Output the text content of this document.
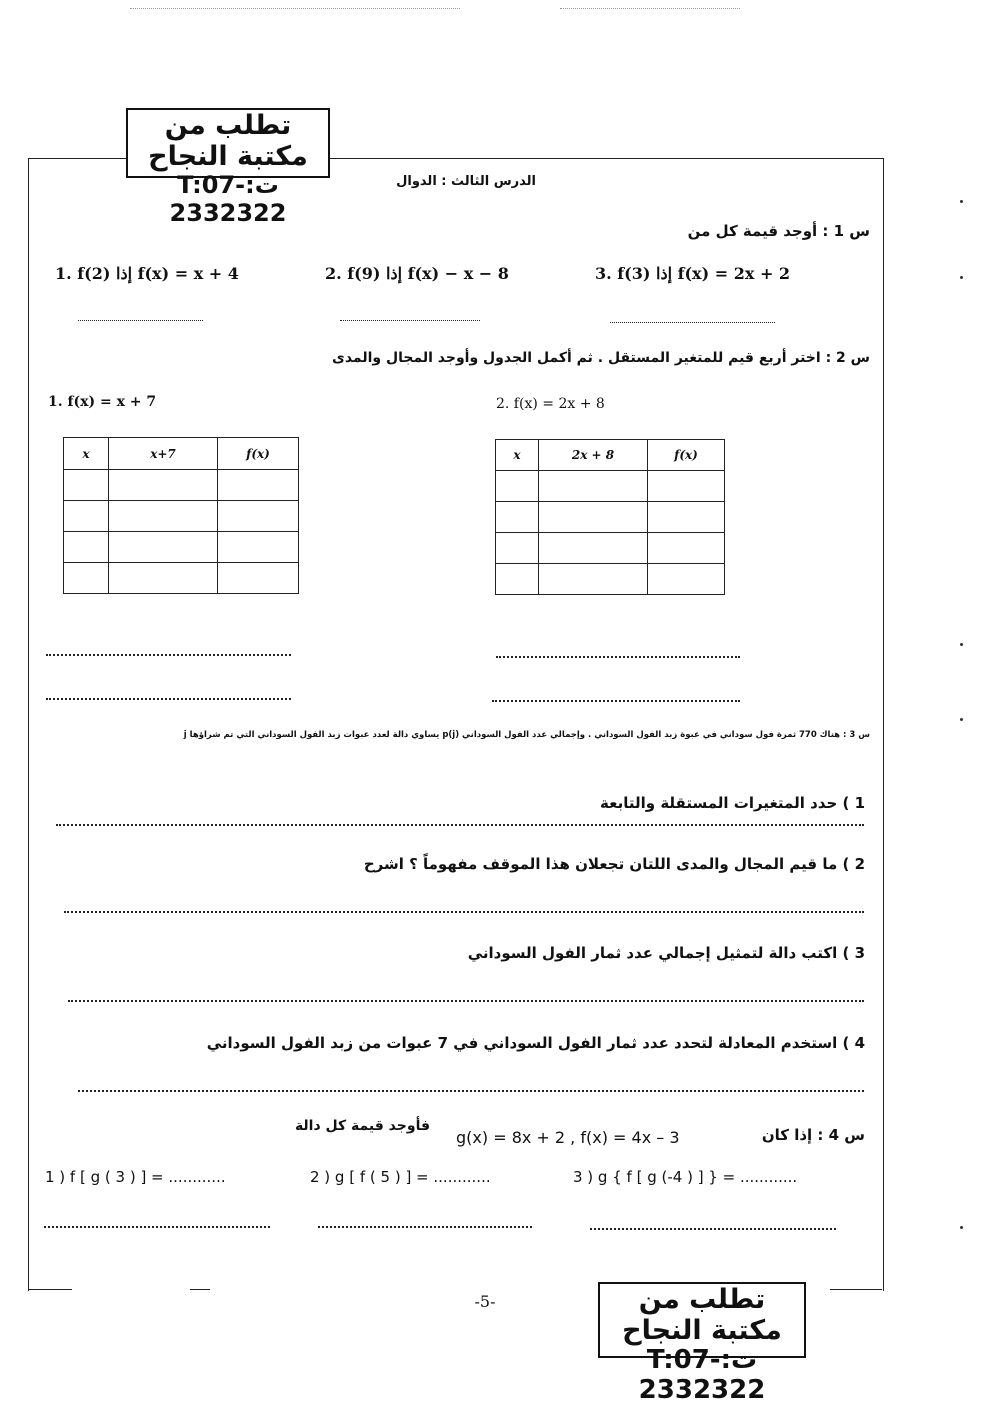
تطلب من مكتبة النجاح
ت:T:07-2332322
الدرس الثالث : الدوال
س 1 : أوجد قيمة كل من
1. f(2) إذا f(x) = x + 4	2. f(9) إذا f(x) − x − 8	3. f(3) إذا f(x) = 2x + 2
س 2 : اختر أربع قيم للمتغير المستقل . ثم أكمل الجدول وأوجد المجال والمدى
1. f(x) = x + 7	2. f(x) = 2x + 8
x	x+7	f(x)

			x	2x + 8	f(x)

س 3 : هناك 770 ثمرة فول سوداني في عبوة زبد الفول السوداني . وإجمالي عدد الفول السوداني p(j) يساوي دالة لعدد عبوات زبد الفول السوداني التي تم شراؤها j
1 ) حدد المتغيرات المستقلة والتابعة
2 ) ما قيم المجال والمدى اللتان تجعلان هذا الموقف مفهوماً ؟ اشرح
3 ) اكتب دالة لتمثيل إجمالي عدد ثمار الفول السوداني
4 ) استخدم المعادلة لتحدد عدد ثمار الفول السوداني في 7 عبوات من زبد الفول السوداني
س 4 : إذا كان
g(x) = 8x + 2 , f(x) = 4x – 3
فأوجد قيمة كل دالة
1 ) f [ g ( 3 ) ] = ............	2 ) g [ f ( 5 ) ] = ............	3 ) g { f [ g (-4 ) ] } = ............
-5-	تطلب من مكتبة النجاح
ت:T:07-2332322
